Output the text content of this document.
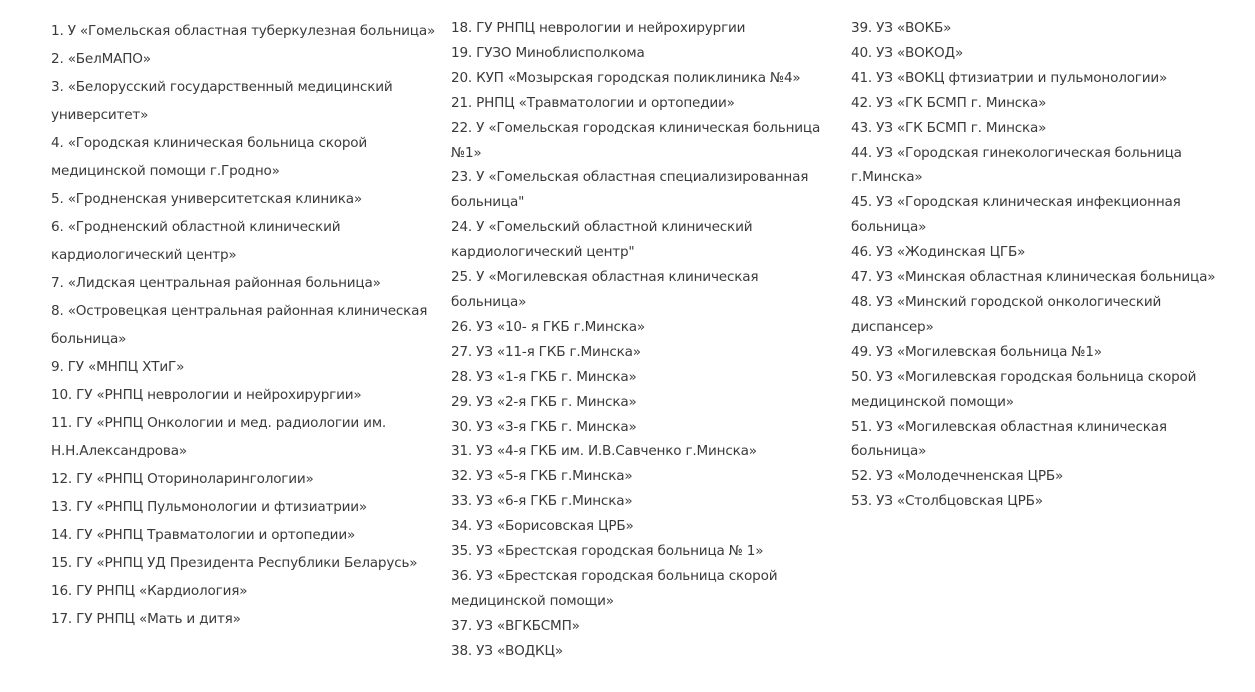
1. У «Гомельская областная туберкулезная больница»
2. «БелМАПО»
3. «Белорусский государственный медицинский
университет»
4. «Городская клиническая больница скорой
медицинской помощи г.Гродно»
5. «Гродненская университетская клиника»
6. «Гродненский областной клинический
кардиологический центр»
7. «Лидская центральная районная больница»
8. «Островецкая центральная районная клиническая
больница»
9. ГУ «МНПЦ ХТиГ»
10. ГУ «РНПЦ неврологии и нейрохирургии»
11. ГУ «РНПЦ Онкологии и мед. радиологии им.
Н.Н.Александрова»
12. ГУ «РНПЦ Оториноларингологии»
13. ГУ «РНПЦ Пульмонологии и фтизиатрии»
14. ГУ «РНПЦ Травматологии и ортопедии»
15. ГУ «РНПЦ УД Президента Республики Беларусь»
16. ГУ РНПЦ «Кардиология»
17. ГУ РНПЦ «Мать и дитя»
18. ГУ РНПЦ неврологии и нейрохирургии
19. ГУЗО Миноблисполкома
20. КУП «Мозырская городская поликлиника №4»
21. РНПЦ «Травматологии и ортопедии»
22. У «Гомельская городская клиническая больница
№1»
23. У «Гомельская областная специализированная
больница"
24. У «Гомельский областной клинический
кардиологический центр"
25. У «Могилевская областная клиническая
больница»
26. УЗ «10- я ГКБ г.Минска»
27. УЗ «11-я ГКБ г.Минска»
28. УЗ «1-я ГКБ г. Минска»
29. УЗ «2-я ГКБ г. Минска»
30. УЗ «3-я ГКБ г. Минска»
31. УЗ «4-я ГКБ им. И.В.Савченко г.Минска»
32. УЗ «5-я ГКБ г.Минска»
33. УЗ «6-я ГКБ г.Минска»
34. УЗ «Борисовская ЦРБ»
35. УЗ «Брестская городская больница № 1»
36. УЗ «Брестская городская больница скорой
медицинской помощи»
37. УЗ «ВГКБСМП»
38. УЗ «ВОДКЦ»
39. УЗ «ВОКБ»
40. УЗ «ВОКОД»
41. УЗ «ВОКЦ фтизиатрии и пульмонологии»
42. УЗ «ГК БСМП г. Минска»
43. УЗ «ГК БСМП г. Минска»
44. УЗ «Городская гинекологическая больница
г.Минска»
45. УЗ «Городская клиническая инфекционная
больница»
46. УЗ «Жодинская ЦГБ»
47. УЗ «Минская областная клиническая больница»
48. УЗ «Минский городской онкологический
диспансер»
49. УЗ «Могилевская больница №1»
50. УЗ «Могилевская городская больница скорой
медицинской помощи»
51. УЗ «Могилевская областная клиническая
больница»
52. УЗ «Молодечненская ЦРБ»
53. УЗ «Столбцовская ЦРБ»
